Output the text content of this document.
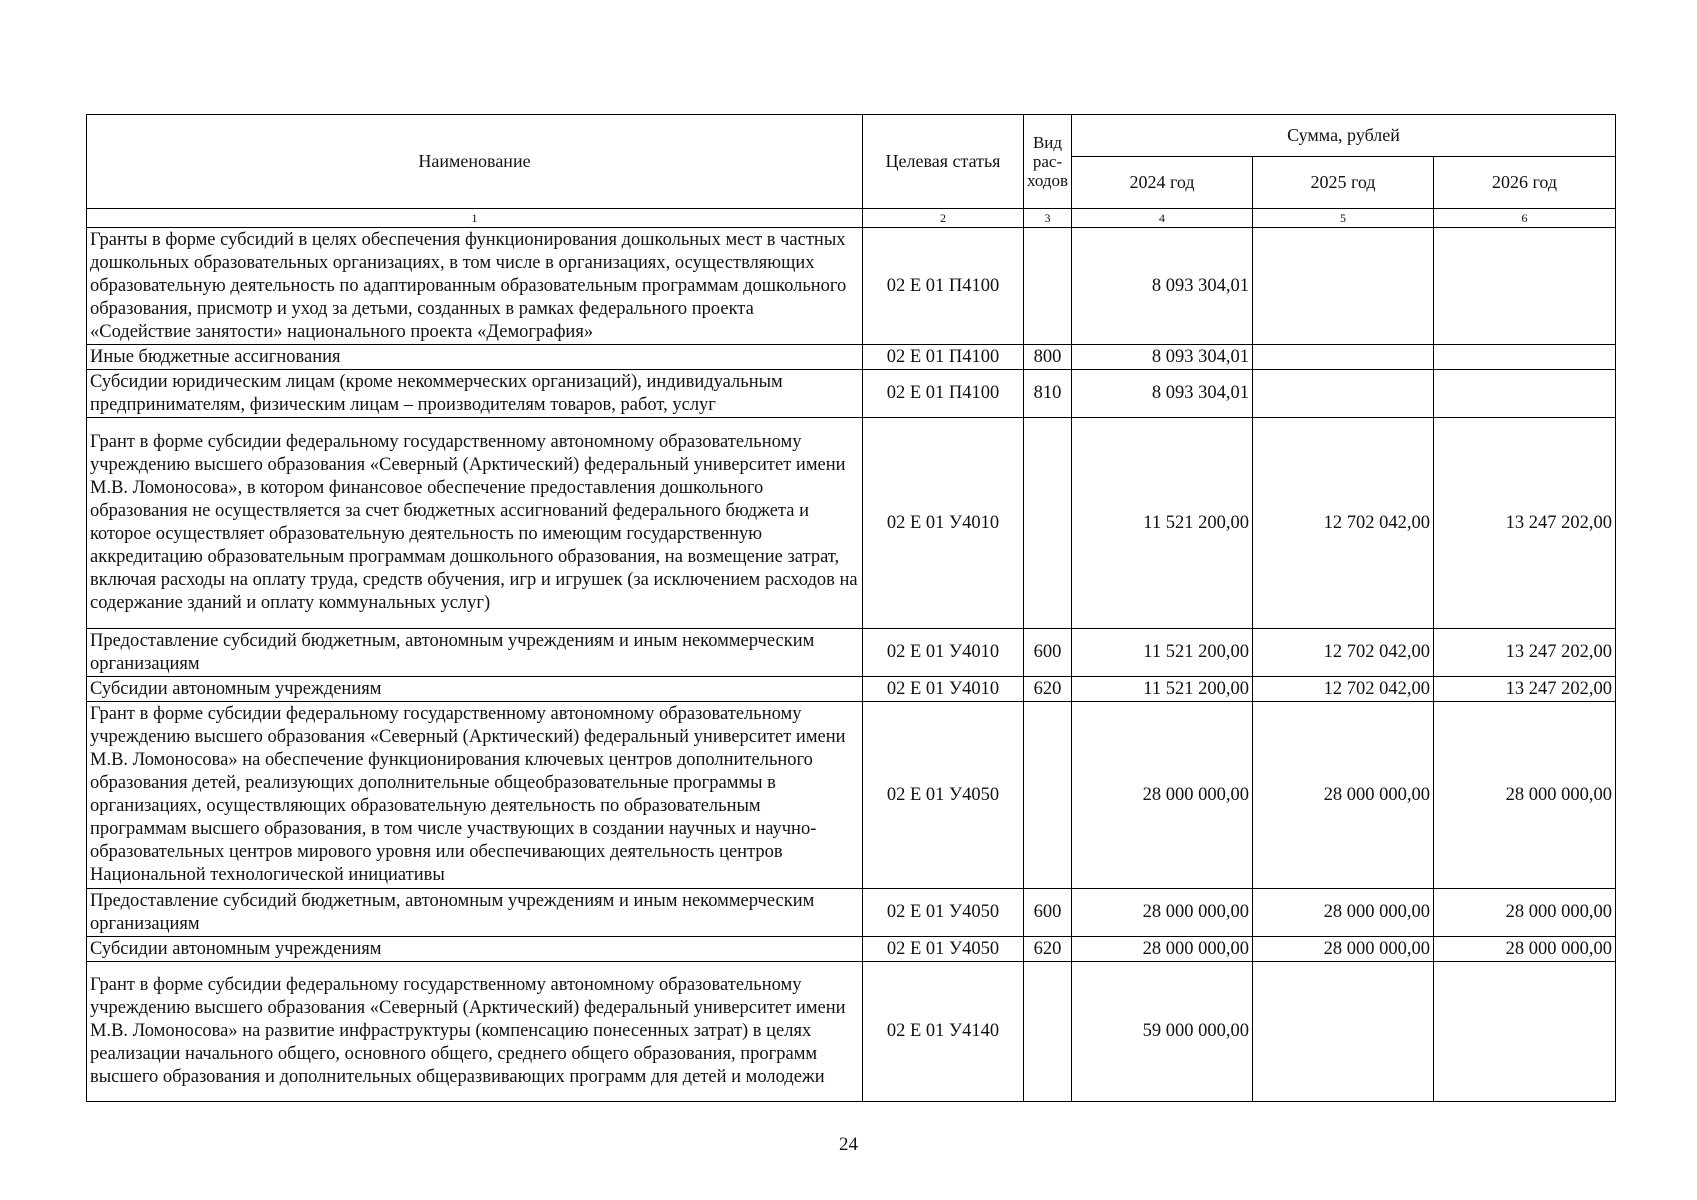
Наименование	Целевая статья	Вид рас-ходов	Сумма, рублей		
			2024 год	2025 год	2026 год
1	2	3	4	5	6
Гранты в форме субсидий в целях обеспечения функционирования дошкольных мест в частных дошкольных образовательных организациях, в том числе в организациях, осуществляющих образовательную деятельность по адаптированным образовательным программам дошкольного образования, присмотр и уход за детьми, созданных в рамках федерального проекта «Содействие занятости» национального проекта «Демография»	02 Е 01 П4100		8 093 304,01		
Иные бюджетные ассигнования	02 Е 01 П4100	800	8 093 304,01		
Субсидии юридическим лицам (кроме некоммерческих организаций), индивидуальным предпринимателям, физическим лицам – производителям товаров, работ, услуг	02 Е 01 П4100	810	8 093 304,01		
Грант в форме субсидии федеральному государственному автономному образовательному учреждению высшего образования «Северный (Арктический) федеральный университет имени М.В. Ломоносова», в котором финансовое обеспечение предоставления дошкольного образования не осуществляется за счет бюджетных ассигнований федерального бюджета и которое осуществляет образовательную деятельность по имеющим государственную аккредитацию образовательным программам дошкольного образования, на возмещение затрат, включая расходы на оплату труда, средств обучения, игр и игрушек (за исключением расходов на содержание зданий и оплату коммунальных услуг)	02 Е 01 У4010		11 521 200,00	12 702 042,00	13 247 202,00
Предоставление субсидий бюджетным, автономным учреждениям и иным некоммерческим организациям	02 Е 01 У4010	600	11 521 200,00	12 702 042,00	13 247 202,00
Субсидии автономным учреждениям	02 Е 01 У4010	620	11 521 200,00	12 702 042,00	13 247 202,00
Грант в форме субсидии федеральному государственному автономному образовательному учреждению высшего образования «Северный (Арктический) федеральный университет имени М.В. Ломоносова» на обеспечение функционирования ключевых центров дополнительного образования детей, реализующих дополнительные общеобразовательные программы в организациях, осуществляющих образовательную деятельность по образовательным программам высшего образования, в том числе участвующих в создании научных и научно-образовательных центров мирового уровня или обеспечивающих деятельность центров Национальной технологической инициативы	02 Е 01 У4050		28 000 000,00	28 000 000,00	28 000 000,00
Предоставление субсидий бюджетным, автономным учреждениям и иным некоммерческим организациям	02 Е 01 У4050	600	28 000 000,00	28 000 000,00	28 000 000,00
Субсидии автономным учреждениям	02 Е 01 У4050	620	28 000 000,00	28 000 000,00	28 000 000,00
Грант в форме субсидии федеральному государственному автономному образовательному учреждению высшего образования «Северный (Арктический) федеральный университет имени М.В. Ломоносова» на развитие инфраструктуры (компенсацию понесенных затрат) в целях реализации начального общего, основного общего, среднего общего образования, программ высшего образования и дополнительных общеразвивающих программ для детей и молодежи	02 Е 01 У4140		59 000 000,00		
24
